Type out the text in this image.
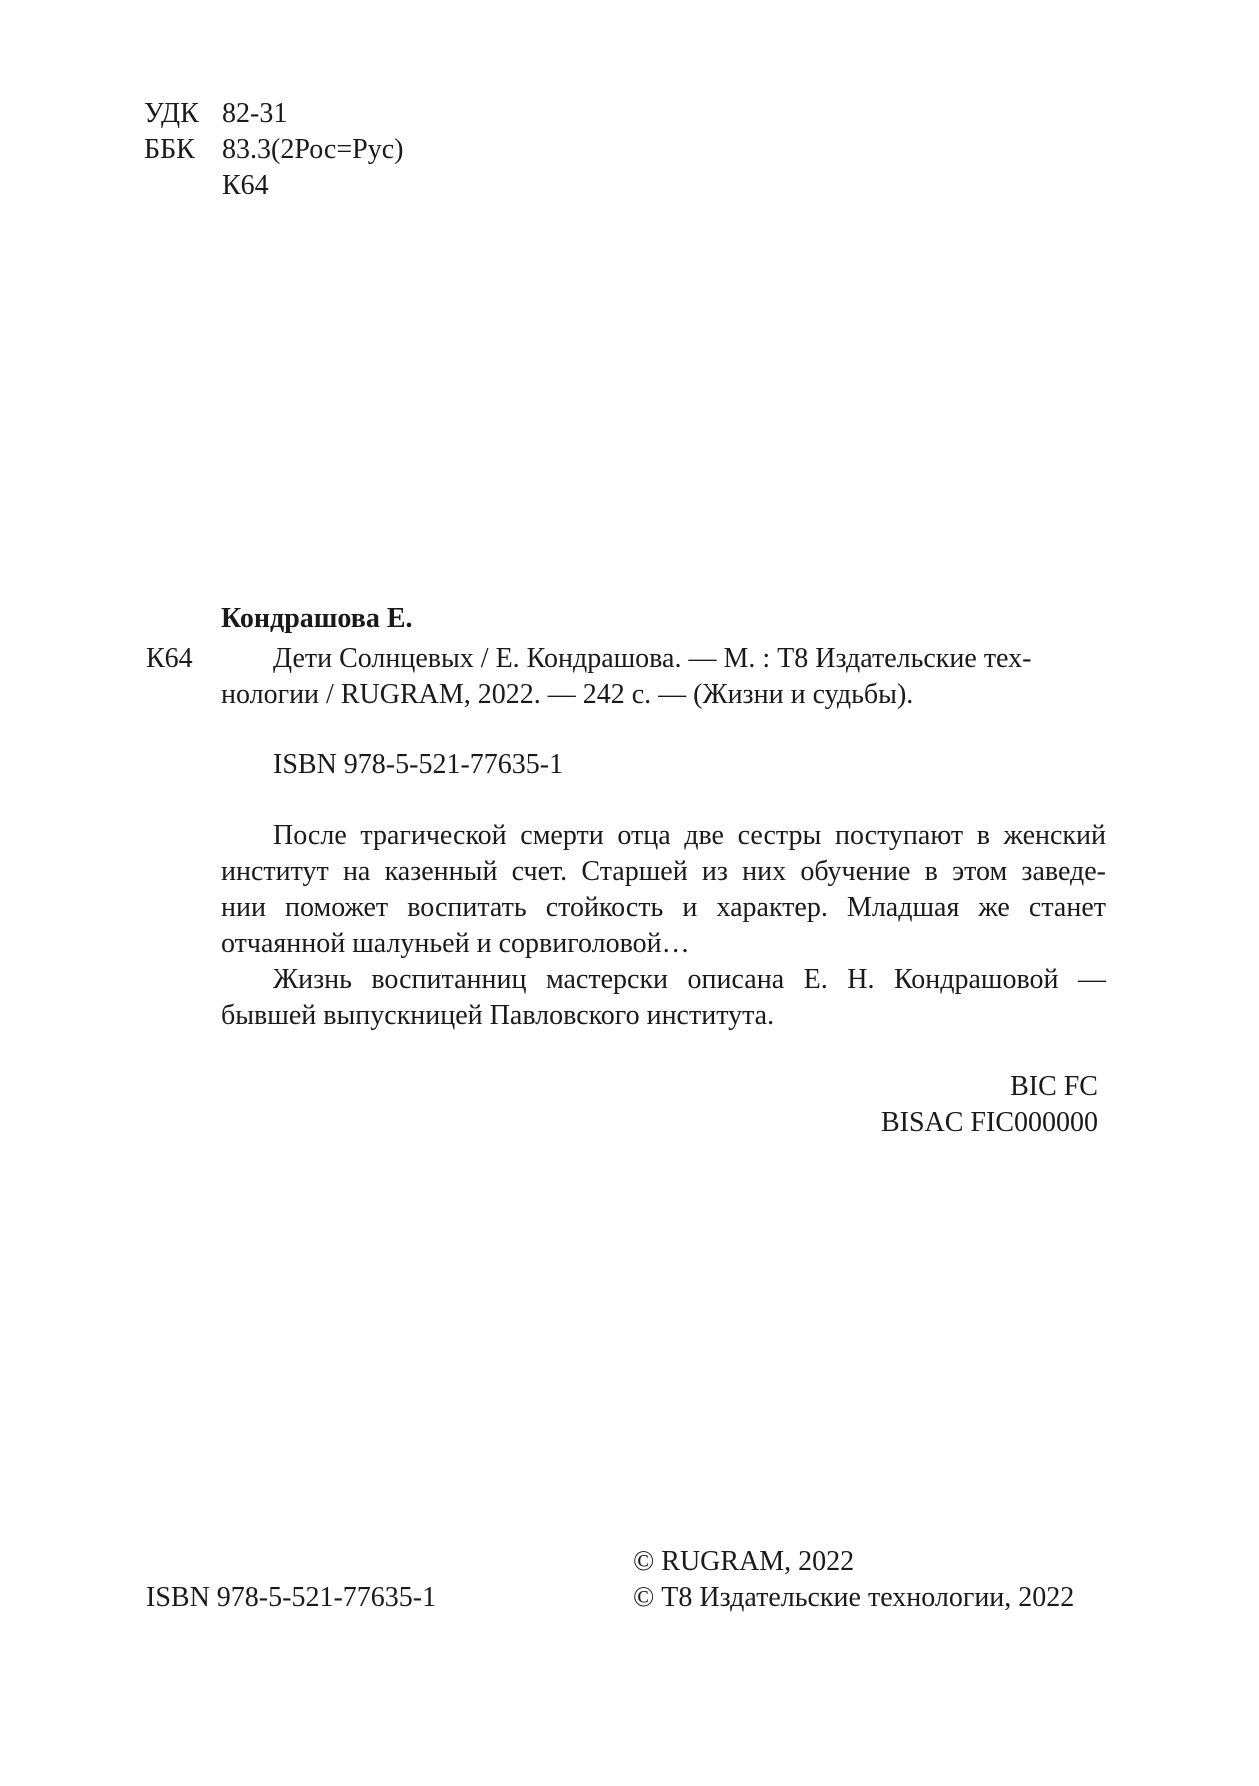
УДК 82-31
ББК 83.3(2Рос=Рус)
К64
Кондрашова Е.
К64	Дети Солнцевых / Е. Кондрашова. — М. : Т8 Издательские тех-
нологии / RUGRAM, 2022. — 242 с. — (Жизни и судьбы).
ISBN 978-5-521-77635-1
После трагической смерти отца две сестры поступают в женский
институт на казенный счет. Старшей из них обучение в этом заведе-
нии поможет воспитать стойкость и характер. Младшая же станет
отчаянной шалуньей и сорвиголовой…
Жизнь воспитанниц мастерски описана Е. Н. Кондрашовой —
бывшей выпускницей Павловского института.
BIC FC
BISAC FIC000000
© RUGRAM, 2022
© Т8 Издательские технологии, 2022
ISBN 978-5-521-77635-1
